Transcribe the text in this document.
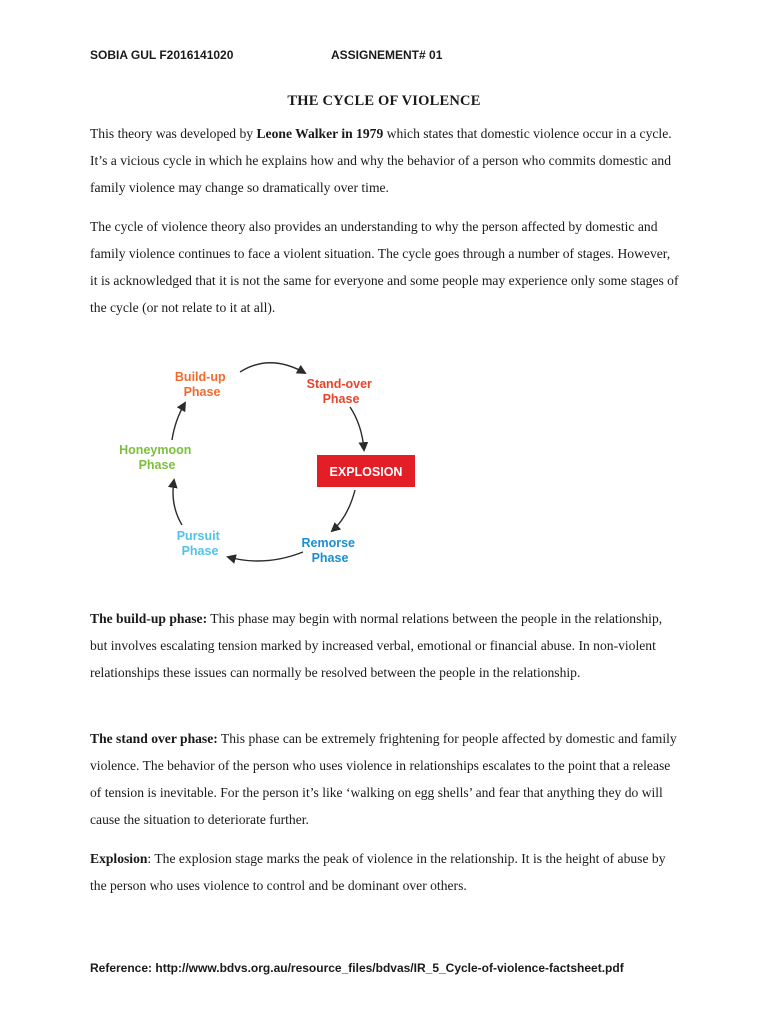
SOBIA GUL F2016141020	ASSIGNEMENT# 01
THE CYCLE OF VIOLENCE

This theory was developed by Leone Walker in 1979 which states that domestic violence occur in a cycle. It’s a vicious cycle in which he explains how and why the behavior of a person who commits domestic and family violence may change so dramatically over time.

The cycle of violence theory also provides an understanding to why the person affected by domestic and family violence continues to face a violent situation. The cycle goes through a number of stages. However, it is acknowledged that it is not the same for everyone and some people may experience only some stages of the cycle (or not relate to it at all).

Build-up Phase
Stand-over Phase
EXPLOSION
Remorse Phase
Pursuit Phase
Honeymoon Phase

The build-up phase: This phase may begin with normal relations between the people in the relationship, but involves escalating tension marked by increased verbal, emotional or financial abuse. In non-violent relationships these issues can normally be resolved between the people in the relationship.

The stand over phase: This phase can be extremely frightening for people affected by domestic and family violence. The behavior of the person who uses violence in relationships escalates to the point that a release of tension is inevitable. For the person it’s like ‘walking on egg shells’ and fear that anything they do will cause the situation to deteriorate further.

Explosion: The explosion stage marks the peak of violence in the relationship. It is the height of abuse by the person who uses violence to control and be dominant over others.

Reference: http://www.bdvs.org.au/resource_files/bdvas/IR_5_Cycle-of-violence-factsheet.pdf
